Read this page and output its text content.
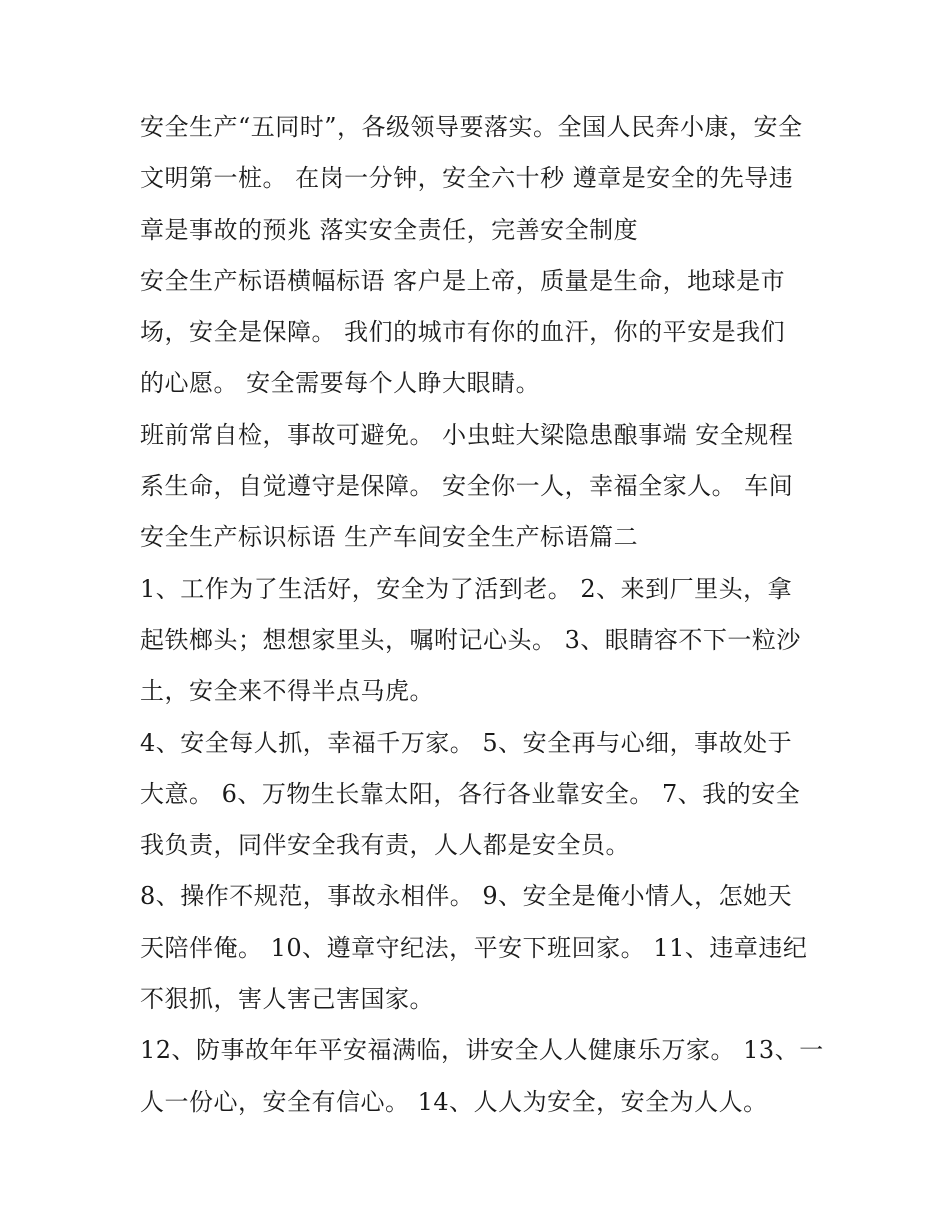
安全生产“五同时”，各级领导要落实。全国人民奔小康，安全
文明第一桩。 在岗一分钟，安全六十秒 遵章是安全的先导违
章是事故的预兆 落实安全责任，完善安全制度
安全生产标语横幅标语 客户是上帝，质量是生命，地球是市
场，安全是保障。 我们的城市有你的血汗，你的平安是我们
的心愿。 安全需要每个人睁大眼睛。
班前常自检，事故可避免。 小虫蛀大梁隐患酿事端 安全规程
系生命，自觉遵守是保障。 安全你一人，幸福全家人。 车间
安全生产标识标语 生产车间安全生产标语篇二
1、工作为了生活好，安全为了活到老。 2、来到厂里头，拿
起铁榔头；想想家里头，嘱咐记心头。 3、眼睛容不下一粒沙
土，安全来不得半点马虎。
4、安全每人抓，幸福千万家。 5、安全再与心细，事故处于
大意。 6、万物生长靠太阳，各行各业靠安全。 7、我的安全
我负责，同伴安全我有责，人人都是安全员。
8、操作不规范，事故永相伴。 9、安全是俺小情人，怎她天
天陪伴俺。 10、遵章守纪法，平安下班回家。 11、违章违纪
不狠抓，害人害己害国家。
12、防事故年年平安福满临，讲安全人人健康乐万家。 13、一
人一份心，安全有信心。 14、人人为安全，安全为人人。
